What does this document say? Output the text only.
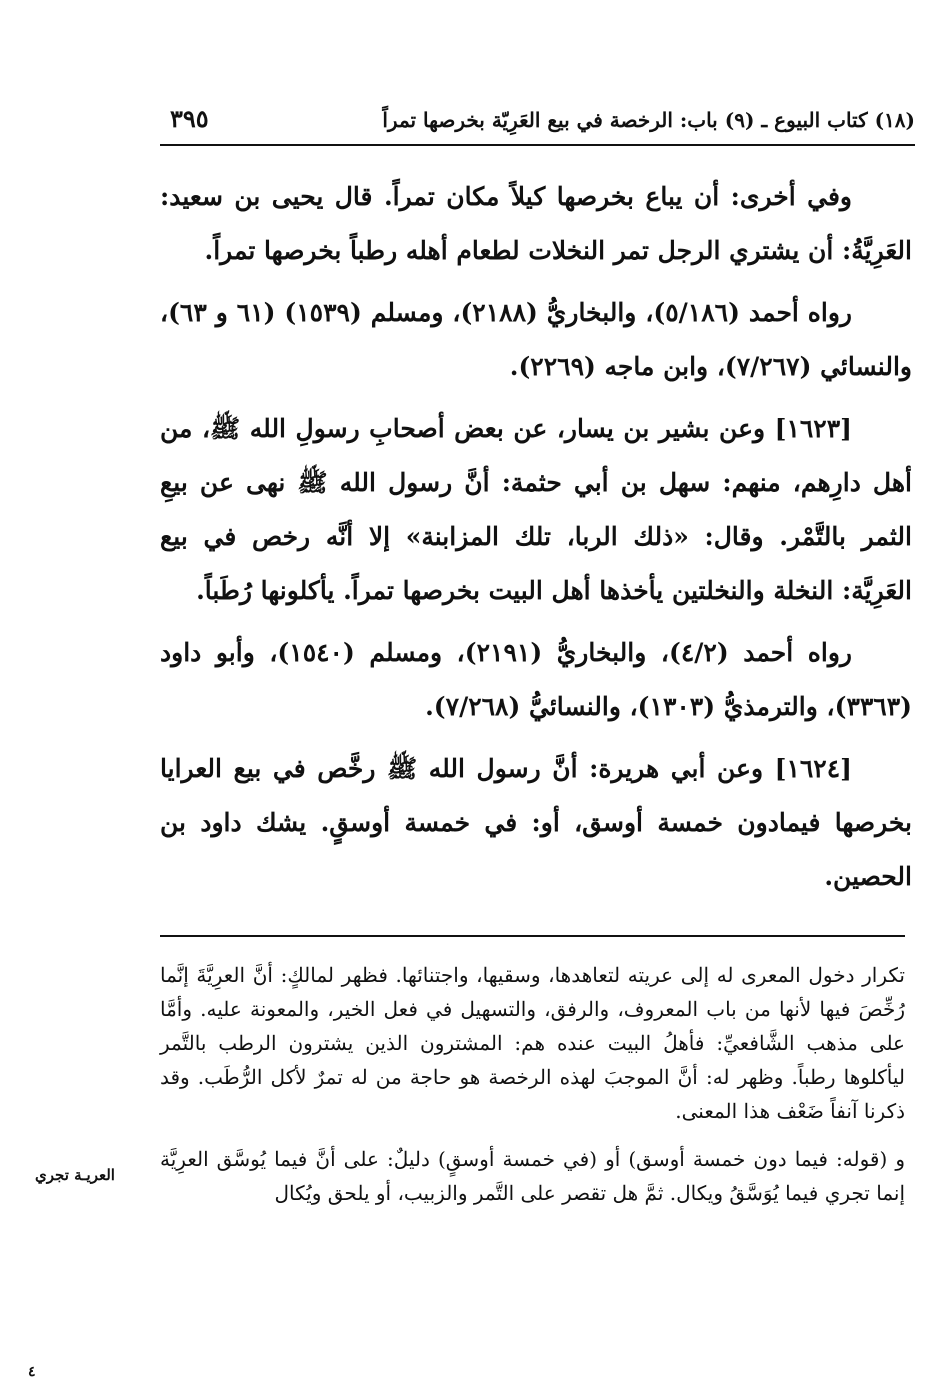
(١٨) كتاب البيوع ـ (٩) باب: الرخصة في بيع العَرِيّة بخرصها تمراً
٣٩٥

وفي أخرى: أن يباع بخرصها كيلاً مكان تمراً. قال يحيى بن سعيد: العَرِيَّةُ: أن يشتري الرجل تمر النخلات لطعام أهله رطباً بخرصها تمراً.

رواه أحمد (٥/١٨٦)، والبخاريُّ (٢١٨٨)، ومسلم (١٥٣٩) (٦١ و ٦٣)، والنسائي (٧/٢٦٧)، وابن ماجه (٢٢٦٩).

[١٦٢٣] وعن بشير بن يسار، عن بعض أصحابِ رسولِ الله ﷺ، من أهل دارِهم، منهم: سهل بن أبي حثمة: أنَّ رسول الله ﷺ نهى عن بيعِ الثمر بالتَّمْر. وقال: «ذلك الربا، تلك المزابنة» إلا أنَّه رخص في بيع العَرِيَّة: النخلة والنخلتين يأخذها أهل البيت بخرصها تمراً. يأكلونها رُطَباً.

رواه أحمد (٤/٢)، والبخاريُّ (٢١٩١)، ومسلم (١٥٤٠)، وأبو داود (٣٣٦٣)، والترمذيُّ (١٣٠٣)، والنسائيُّ (٧/٢٦٨).

[١٦٢٤] وعن أبي هريرة: أنَّ رسول الله ﷺ رخَّص في بيع العرايا بخرصها فيمادون خمسة أوسق، أو: في خمسة أوسقٍ. يشك داود بن الحصين.

تكرار دخول المعرى له إلى عريته لتعاهدها، وسقيها، واجتنائها. فظهر لمالكٍ: أنَّ العرِيَّةَ إنَّما رُخِّصَ فيها لأنها من باب المعروف، والرفق، والتسهيل في فعل الخير، والمعونة عليه. وأمَّا على مذهب الشَّافعيِّ: فأهلُ البيت عنده هم: المشترون الذين يشترون الرطب بالتَّمر ليأكلوها رطباً. وظهر له: أنَّ الموجبَ لهذه الرخصة هو حاجة من له تمرٌ لأكل الرُّطَب. وقد ذكرنا آنفاً ضَعْف هذا المعنى.

و (قوله: فيما دون خمسة أوسق) أو (في خمسة أوسقٍ) دليلٌ: على أنَّ فيما يُوسَّق العرِيَّة إنما تجري فيما يُوَسَّقُ ويكال. ثمَّ هل تقصر على التَّمر والزبيب، أو يلحق ويُكال

العريـة تجري
٤
